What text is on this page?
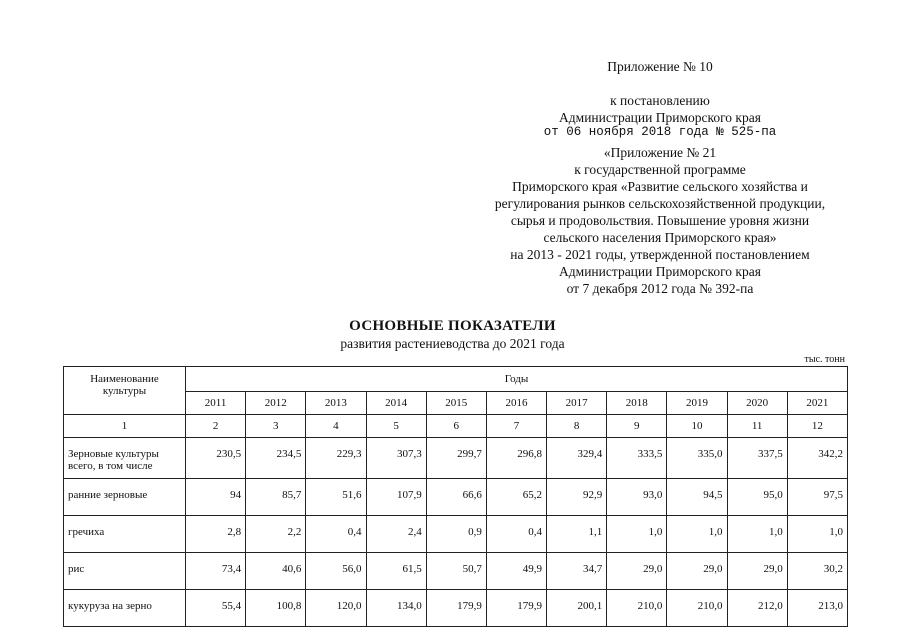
Приложение № 10
к постановлению
Администрации Приморского края
от 06 ноября 2018 года № 525-па
«Приложение № 21
к государственной программе
Приморского края «Развитие сельского хозяйства и
регулирования рынков сельскохозяйственной продукции,
сырья и продовольствия. Повышение уровня жизни
сельского населения Приморского края»
на 2013 - 2021 годы, утвержденной постановлением
Администрации Приморского края
от 7 декабря 2012 года № 392-па
ОСНОВНЫЕ ПОКАЗАТЕЛИ
развития растениеводства до 2021 года
тыс. тонн
Наименование культуры	Годы										
	2011	2012	2013	2014	2015	2016	2017	2018	2019	2020	2021
1	2	3	4	5	6	7	8	9	10	11	12
Зерновые культуры всего, в том числе	230,5	234,5	229,3	307,3	299,7	296,8	329,4	333,5	335,0	337,5	342,2
ранние зерновые	94	85,7	51,6	107,9	66,6	65,2	92,9	93,0	94,5	95,0	97,5
гречиха	2,8	2,2	0,4	2,4	0,9	0,4	1,1	1,0	1,0	1,0	1,0
рис	73,4	40,6	56,0	61,5	50,7	49,9	34,7	29,0	29,0	29,0	30,2
кукуруза на зерно	55,4	100,8	120,0	134,0	179,9	179,9	200,1	210,0	210,0	212,0	213,0
